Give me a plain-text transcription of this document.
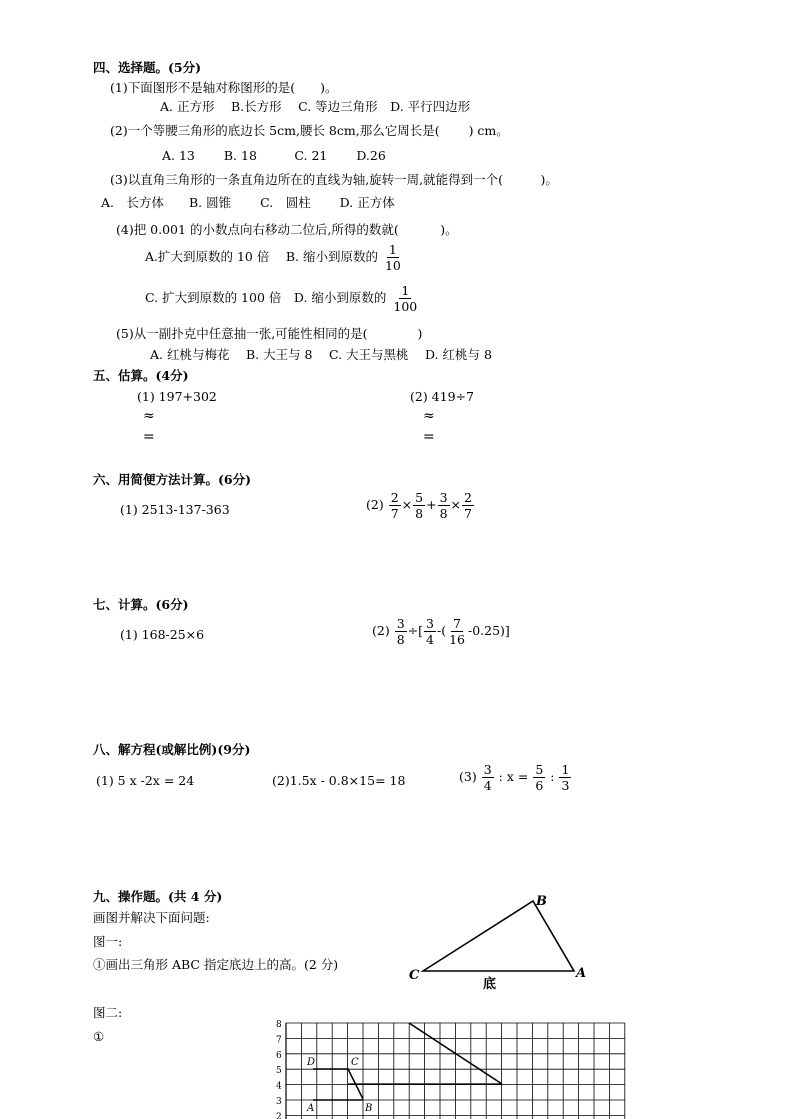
四、选择题。(5分)
(1)下面图形不是轴对称图形的是(　　)。
A. 正方形　 B.长方形　 C. 等边三角形　D. 平行四边形
(2)一个等腰三角形的底边长 5cm,腰长 8cm,那么它周长是(　　 ) cm。
A. 13　　 B. 18　　　C. 21　　 D.26
(3)以直角三角形的一条直角边所在的直线为轴,旋转一周,就能得到一个(　　　)。
A.　长方体　　B. 圆锥　　 C.　圆柱　　 D. 正方体
(4)把 0.001 的小数点向右移动二位后,所得的数就(　　　 )。
A.扩大到原数的 10 倍　 B. 缩小到原数的 $\frac{1}{10}$
C. 扩大到原数的 100 倍　D. 缩小到原数的 $\frac{1}{100}$
(5)从一副扑克中任意抽一张,可能性相同的是(　　　　)
A. 红桃与梅花　 B. 大王与 8　 C. 大王与黑桃　 D. 红桃与 8
五、估算。(4分)
(1) 197+302
≈
=
(2) 419÷7
≈
=
六、用简便方法计算。(6分)
(1) 2513-137-363	$(2) \frac{2}{7} \times \frac{5}{8} + \frac{3}{8} \times \frac{2}{7}$
七、计算。(6分)
(1) 168-25×6	$(2) \frac{3}{8}$ ÷[ $\frac{3}{4}$ -( $\frac{7}{16} -0.25$)]
八、解方程(或解比例)(9分)
(1) 5 x -2x = 24	(2)1.5x - 0.8×15= 18	$(3) \frac{3}{4}$ : $x = \frac{5}{6}$ : $\frac{1}{3}$
九、操作题。(共 4 分)
画图并解决下面问题:
图一:
①画出三角形 ABC 指定底边上的高。(2 分)
B
C	A
底
图二:
①
8
7
6
5
4
3
2
D	C
A	B
